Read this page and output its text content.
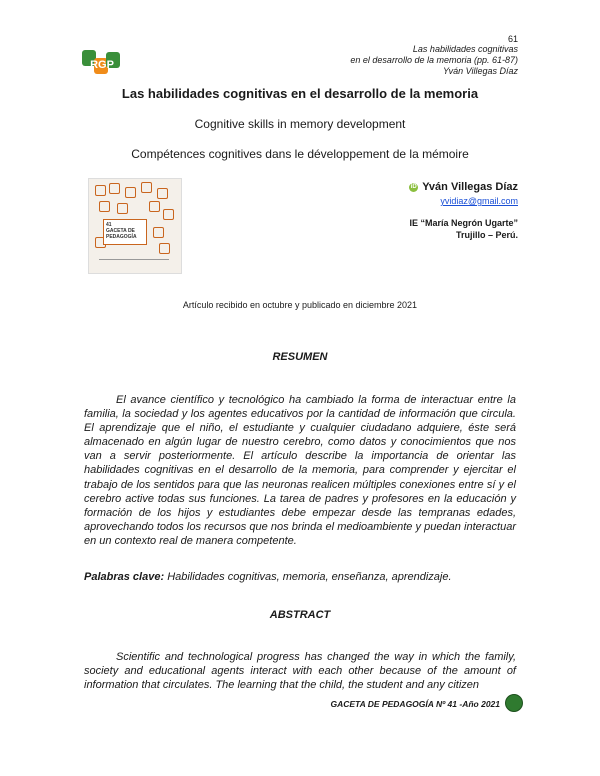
61
Las habilidades cognitivas
en el desarrollo de la memoria (pp. 61-87)
Yván Villegas Díaz
RGP
Las habilidades cognitivas en el desarrollo de la memoria
Cognitive skills in memory development
Compétences cognitives dans le développement de la mémoire
41
GACETA DE
PEDAGOGÍA
iD Yván Villegas Díaz
yvidiaz@gmail.com
IE “María Negrón Ugarte”
Trujillo – Perú.
Artículo recibido en octubre y publicado en diciembre 2021
RESUMEN

El avance científico y tecnológico ha cambiado la forma de interactuar entre la familia, la sociedad y los agentes educativos por la cantidad de información que circula. El aprendizaje que el niño, el estudiante y cualquier ciudadano adquiere, éste será almacenado en algún lugar de nuestro cerebro, como datos y conocimientos que nos van a servir posteriormente. El artículo describe la importancia de orientar las habilidades cognitivas en el desarrollo de la memoria, para comprender y ejercitar el trabajo de los sentidos para que las neuronas realicen múltiples conexiones entre sí y el cerebro active todas sus funciones. La tarea de padres y profesores en la educación y formación de los hijos y estudiantes debe empezar desde las tempranas edades, aprovechando todos los recursos que nos brinda el medioambiente y puedan interactuar en un contexto real de manera competente.

Palabras clave: Habilidades cognitivas, memoria, enseñanza, aprendizaje.
ABSTRACT

Scientific and technological progress has changed the way in which the family, society and educational agents interact with each other because of the amount of information that circulates. The learning that the child, the student and any citizen

GACETA DE PEDAGOGÍA Nº 41 -Año 2021
